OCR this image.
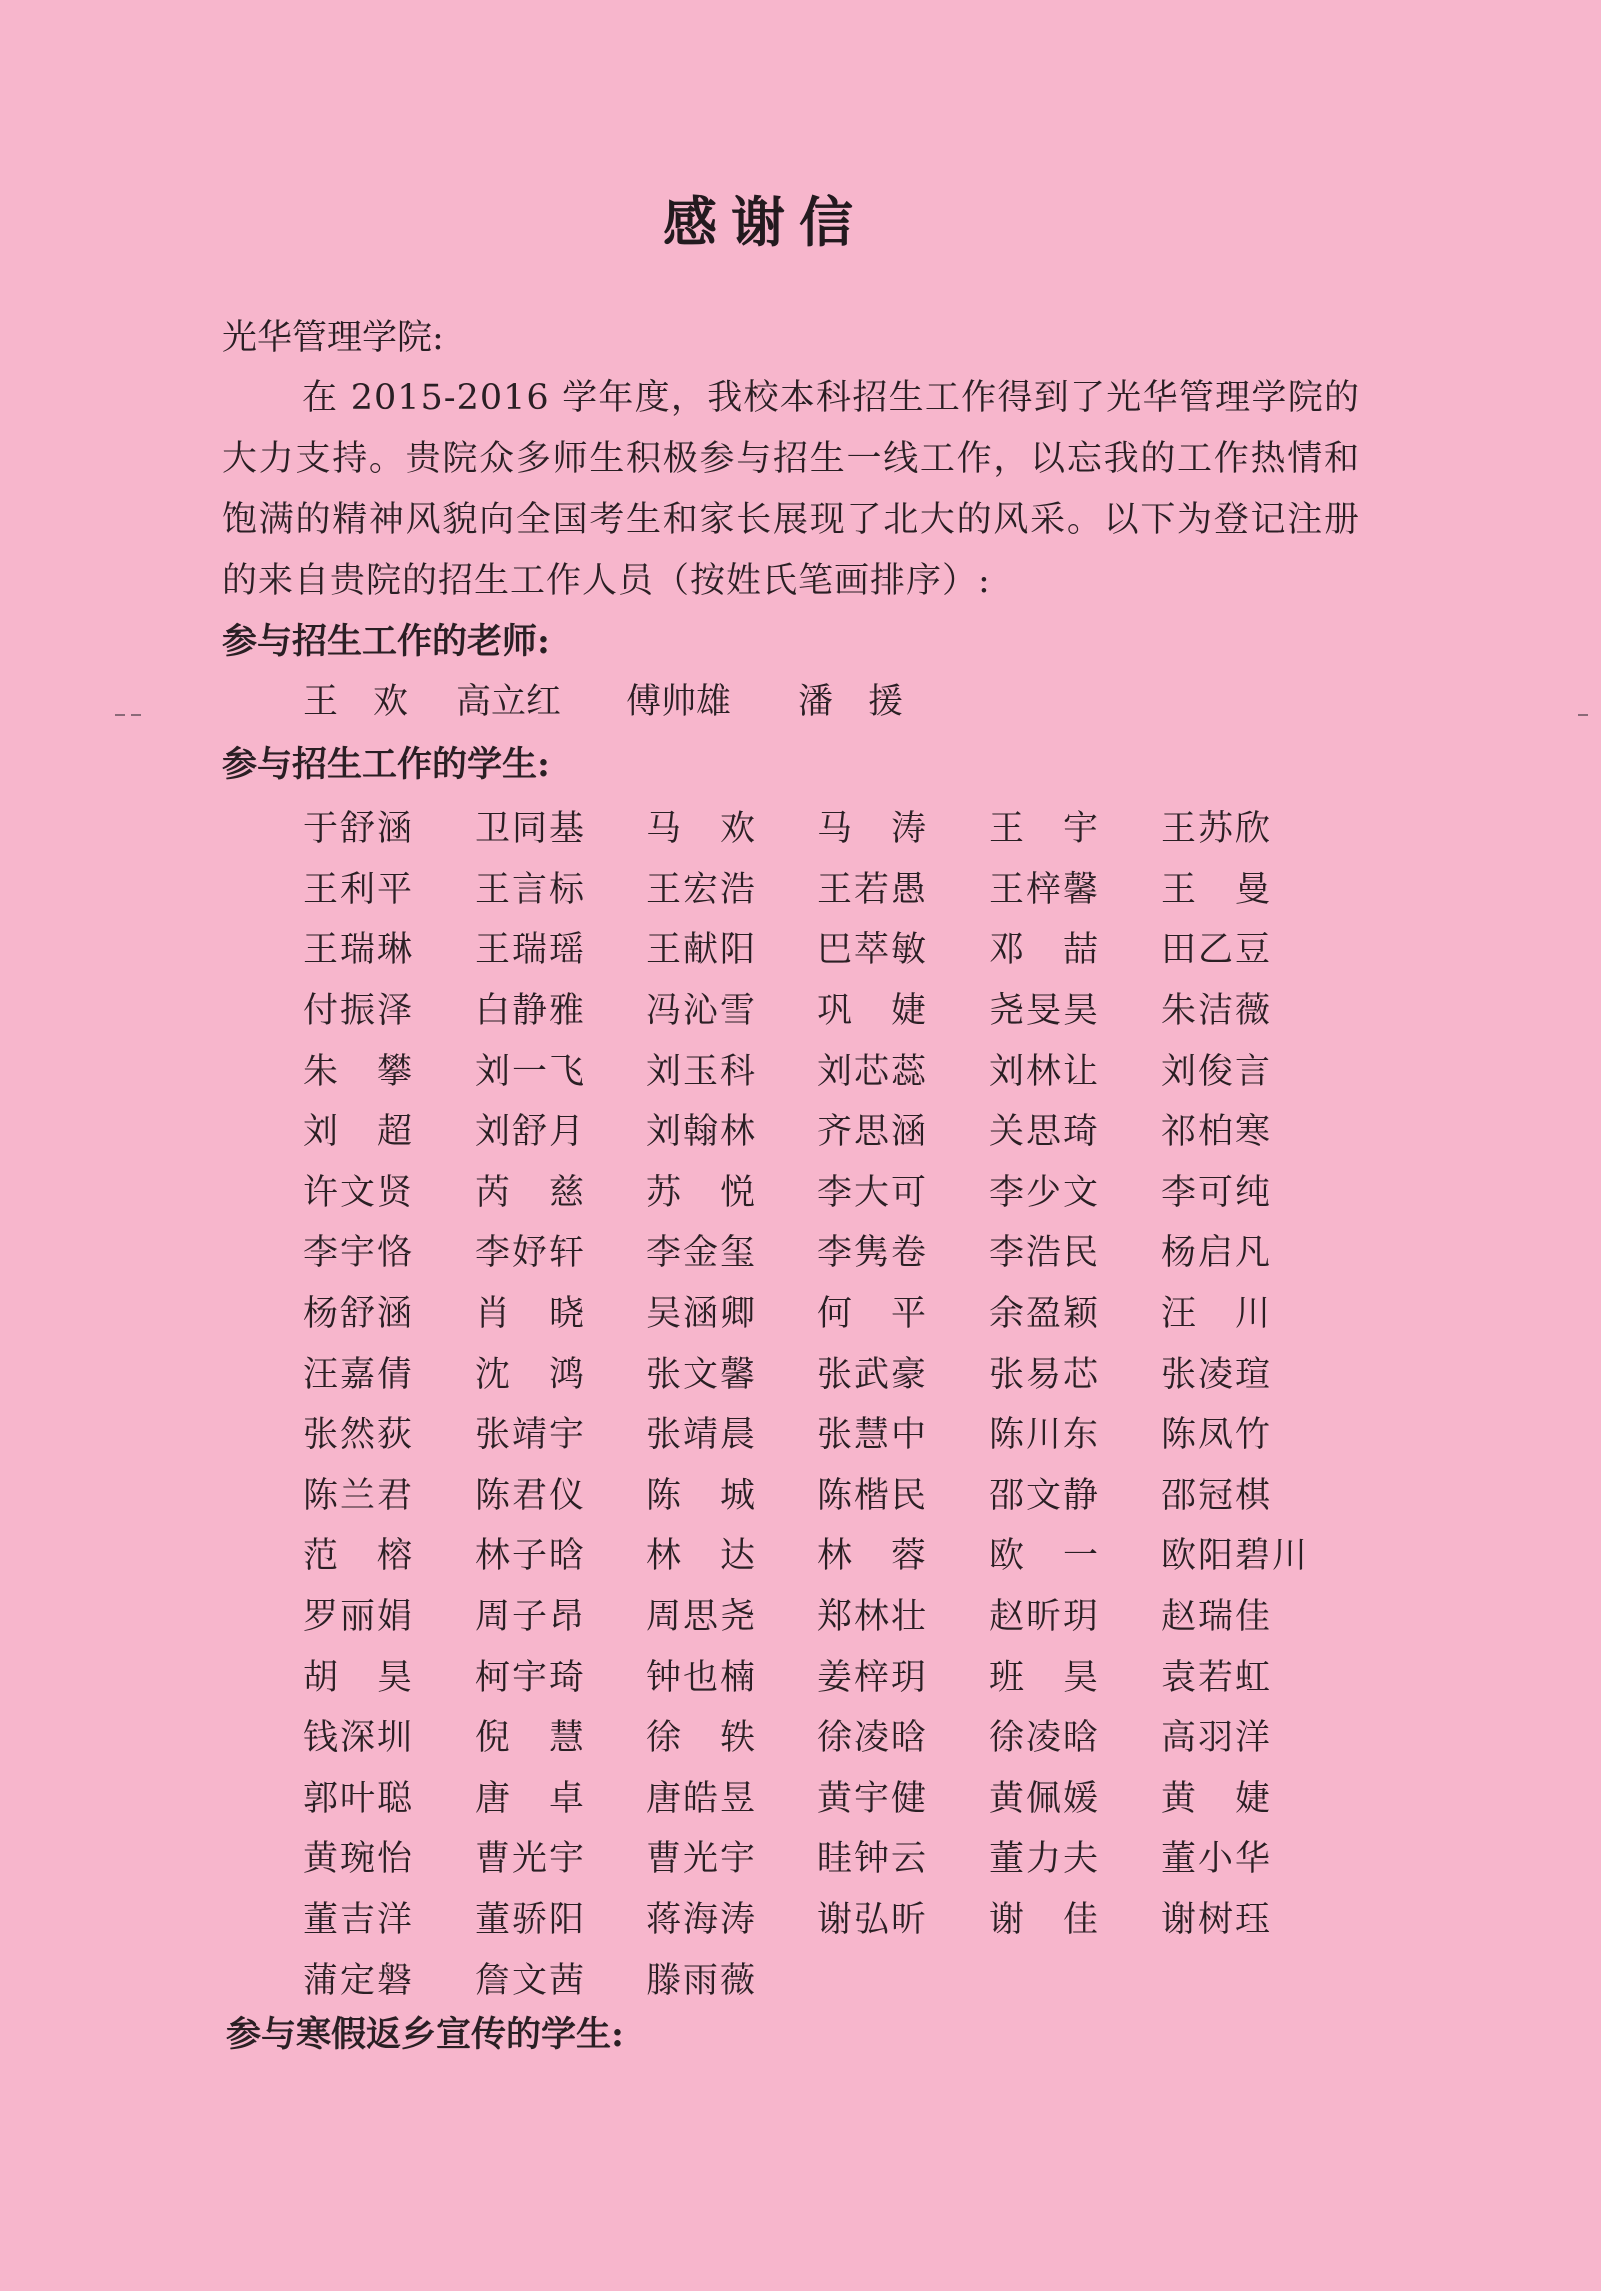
感谢信
光华管理学院:
在 2015-2016 学年度，我校本科招生工作得到了光华管理学院的大力支持。贵院众多师生积极参与招生一线工作，以忘我的工作热情和饱满的精神风貌向全国考生和家长展现了北大的风采。以下为登记注册的来自贵院的招生工作人员（按姓氏笔画排序）:
参与招生工作的老师:
王　欢	高立红	傅帅雄	潘　援
参与招生工作的学生:
于舒涵	卫同基	马　欢	马　涛	王　宇	王苏欣
王利平	王言标	王宏浩	王若愚	王梓馨	王　曼
王瑞琳	王瑞瑶	王献阳	巴萃敏	邓　喆	田乙豆
付振泽	白静雅	冯沁雪	巩　婕	尧旻昊	朱洁薇
朱　攀	刘一飞	刘玉科	刘芯蕊	刘林让	刘俊言
刘　超	刘舒月	刘翰林	齐思涵	关思琦	祁柏寒
许文贤	芮　慈	苏　悦	李大可	李少文	李可纯
李宇恪	李妤轩	李金玺	李隽卷	李浩民	杨启凡
杨舒涵	肖　晓	吴涵卿	何　平	余盈颖	汪　川
汪嘉倩	沈　鸿	张文馨	张武豪	张易芯	张凌瑄
张然荻	张靖宇	张靖晨	张慧中	陈川东	陈凤竹
陈兰君	陈君仪	陈　城	陈楷民	邵文静	邵冠棋
范　榕	林子晗	林　达	林　蓉	欧　一	欧阳碧川
罗丽娟	周子昂	周思尧	郑林壮	赵昕玥	赵瑞佳
胡　昊	柯宇琦	钟也楠	姜梓玥	班　昊	袁若虹
钱深圳	倪　慧	徐　轶	徐凌晗	徐凌晗	高羽洋
郭叶聪	唐　卓	唐皓昱	黄宇健	黄佩媛	黄　婕
黄琬怡	曹光宇	曹光宇	眭钟云	董力夫	董小华
董吉洋	董骄阳	蒋海涛	谢弘昕	谢　佳	谢树珏
蒲定磐	詹文茜	滕雨薇
参与寒假返乡宣传的学生:
